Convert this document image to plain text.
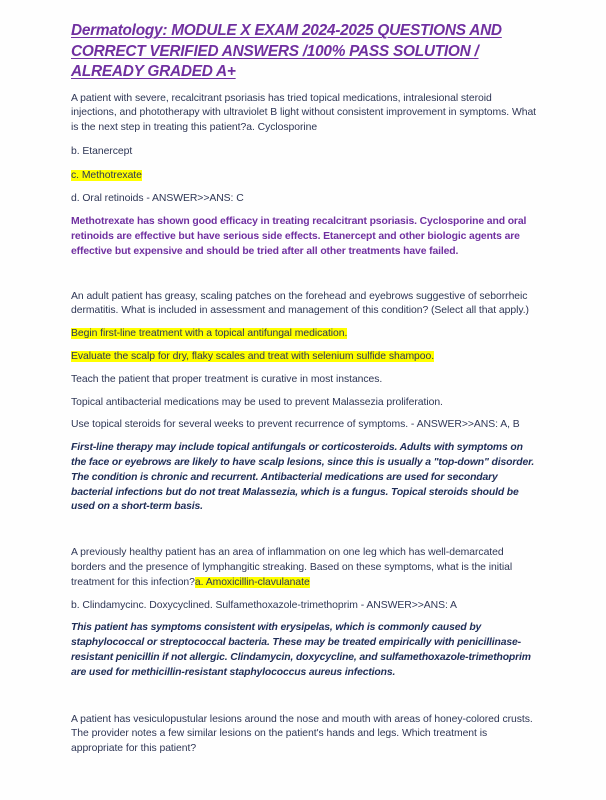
Dermatology: MODULE X EXAM 2024-2025 QUESTIONS AND CORRECT VERIFIED ANSWERS /100% PASS SOLUTION / ALREADY GRADED A+

A patient with severe, recalcitrant psoriasis has tried topical medications, intralesional steroid injections, and phototherapy with ultraviolet B light without consistent improvement in symptoms. What is the next step in treating this patient?a. Cyclosporine

b. Etanercept

c. Methotrexate

d. Oral retinoids - ANSWER>>ANS: C

Methotrexate has shown good efficacy in treating recalcitrant psoriasis. Cyclosporine and oral retinoids are effective but have serious side effects. Etanercept and other biologic agents are effective but expensive and should be tried after all other treatments have failed.

An adult patient has greasy, scaling patches on the forehead and eyebrows suggestive of seborrheic dermatitis. What is included in assessment and management of this condition? (Select all that apply.)

Begin first-line treatment with a topical antifungal medication.

Evaluate the scalp for dry, flaky scales and treat with selenium sulfide shampoo.

Teach the patient that proper treatment is curative in most instances.

Topical antibacterial medications may be used to prevent Malassezia proliferation.

Use topical steroids for several weeks to prevent recurrence of symptoms. - ANSWER>>ANS: A, B

First-line therapy may include topical antifungals or corticosteroids. Adults with symptoms on the face or eyebrows are likely to have scalp lesions, since this is usually a "top-down" disorder. The condition is chronic and recurrent. Antibacterial medications are used for secondary bacterial infections but do not treat Malassezia, which is a fungus. Topical steroids should be used on a short-term basis.

A previously healthy patient has an area of inflammation on one leg which has well-demarcated borders and the presence of lymphangitic streaking. Based on these symptoms, what is the initial treatment for this infection?a. Amoxicillin-clavulanate

b. Clindamycinc. Doxycyclined. Sulfamethoxazole-trimethoprim - ANSWER>>ANS: A

This patient has symptoms consistent with erysipelas, which is commonly caused by staphylococcal or streptococcal bacteria. These may be treated empirically with penicillinase-resistant penicillin if not allergic. Clindamycin, doxycycline, and sulfamethoxazole-trimethoprim are used for methicillin-resistant staphylococcus aureus infections.

A patient has vesiculopustular lesions around the nose and mouth with areas of honey-colored crusts. The provider notes a few similar lesions on the patient's hands and legs. Which treatment is appropriate for this patient?
